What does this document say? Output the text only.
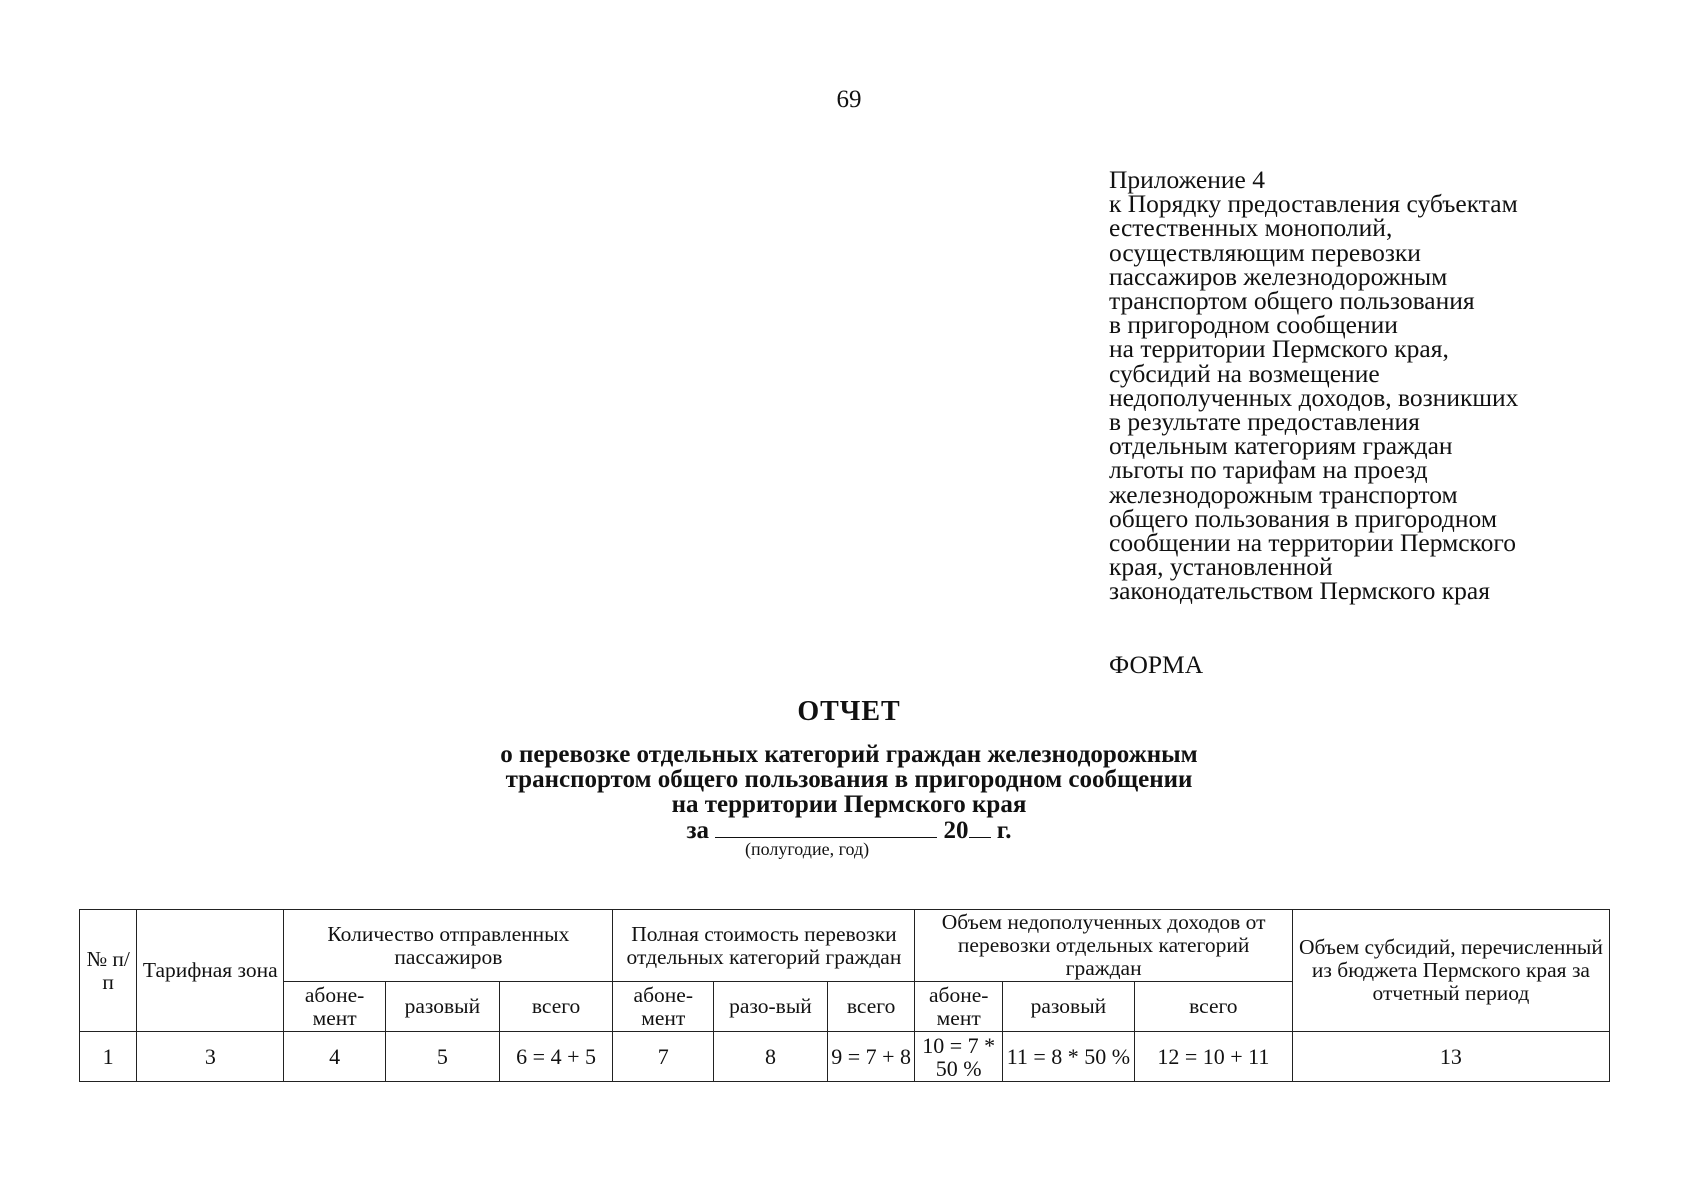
69
Приложение 4
к Порядку предоставления субъектам
естественных монополий,
осуществляющим перевозки
пассажиров железнодорожным
транспортом общего пользования
в пригородном сообщении
на территории Пермского края,
субсидий на возмещение
недополученных доходов, возникших
в результате предоставления
отдельным категориям граждан
льготы по тарифам на проезд
железнодорожным транспортом
общего пользования в пригородном
сообщении на территории Пермского
края, установленной
законодательством Пермского края
ФОРМА
ОТЧЕТ
о перевозке отдельных категорий граждан железнодорожным
транспортом общего пользования в пригородном сообщении
на территории Пермского края
за	20 г.
(полугодие, год)
№ п/п	Тарифная зона	Количество отправленных пассажиров			Полная стоимость перевозки отдельных категорий граждан			Объем недополученных доходов от перевозки отдельных категорий граждан			Объем субсидий, перечисленный из бюджета Пермского края за отчетный период
		абоне-мент	разовый	всего	абоне-мент	разо-вый	всего	абоне-мент	разовый	всего	
1	3	4	5	6 = 4 + 5	7	8	9 = 7 + 8	10 = 7 * 50 %	11 = 8 * 50 %	12 = 10 + 11	13
